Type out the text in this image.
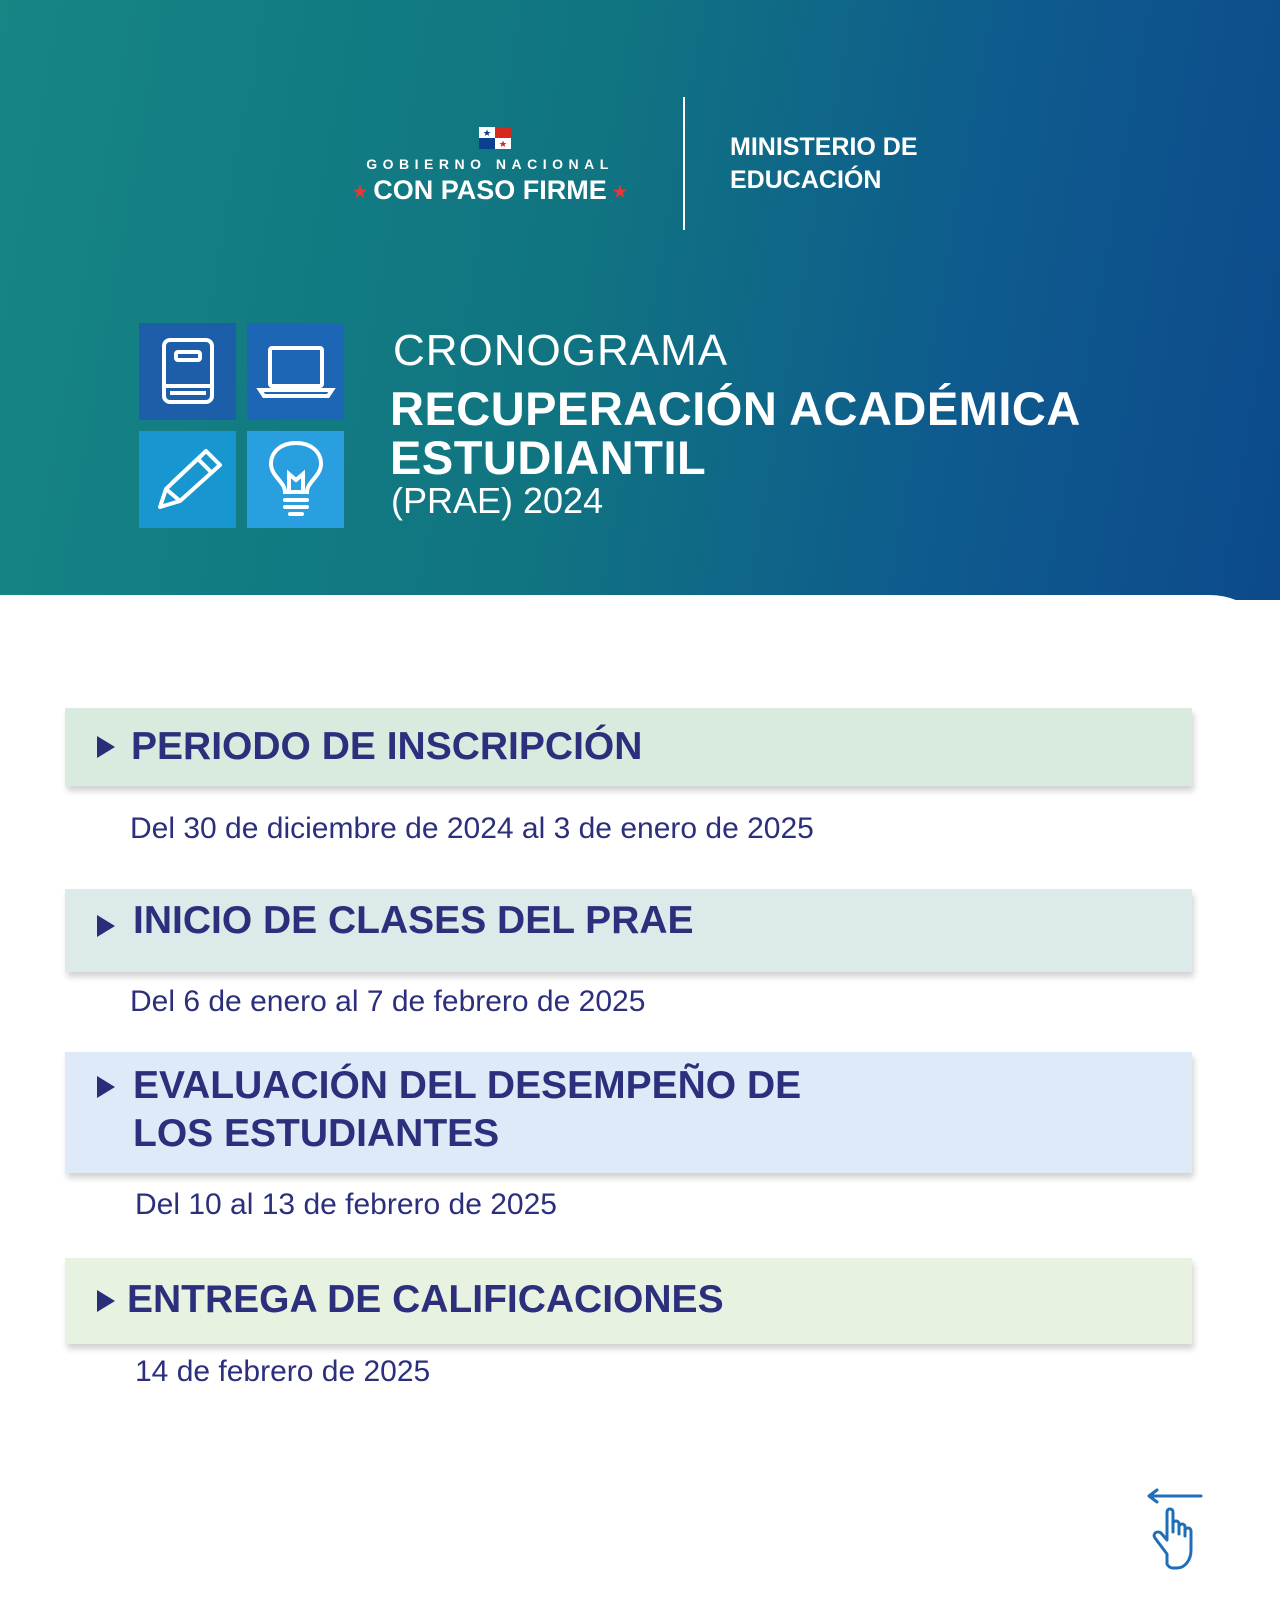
GOBIERNO NACIONAL
★ CON PASO FIRME ★
MINISTERIO DE
EDUCACIÓN
CRONOGRAMA
RECUPERACIÓN ACADÉMICA
ESTUDIANTIL
(PRAE) 2024
PERIODO DE INSCRIPCIÓN
Del 30 de diciembre de 2024 al 3 de enero de 2025
INICIO DE CLASES DEL PRAE
Del 6 de enero al 7 de febrero de 2025
EVALUACIÓN DEL DESEMPEÑO DE
LOS ESTUDIANTES
Del 10 al 13 de febrero de 2025
ENTREGA DE CALIFICACIONES
14 de febrero de 2025
